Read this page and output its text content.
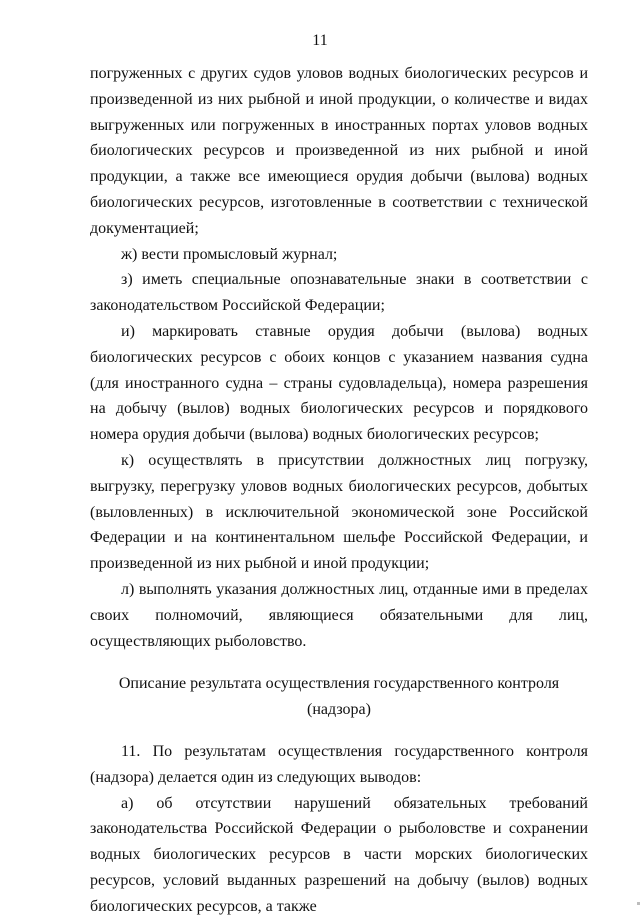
11

погруженных с других судов уловов водных биологических ресурсов и произведенной из них рыбной и иной продукции, о количестве и видах выгруженных или погруженных в иностранных портах уловов водных биологических ресурсов и произведенной из них рыбной и иной продукции, а также все имеющиеся орудия добычи (вылова) водных биологических ресурсов, изготовленные в соответствии с технической документацией;

ж) вести промысловый журнал;

з) иметь специальные опознавательные знаки в соответствии с законодательством Российской Федерации;

и) маркировать ставные орудия добычи (вылова) водных биологических ресурсов с обоих концов с указанием названия судна (для иностранного судна – страны судовладельца), номера разрешения на добычу (вылов) водных биологических ресурсов и порядкового номера орудия добычи (вылова) водных биологических ресурсов;

к) осуществлять в присутствии должностных лиц погрузку, выгрузку, перегрузку уловов водных биологических ресурсов, добытых (выловленных) в исключительной экономической зоне Российской Федерации и на континентальном шельфе Российской Федерации, и произведенной из них рыбной и иной продукции;

л) выполнять указания должностных лиц, отданные ими в пределах своих полномочий, являющиеся обязательными для лиц, осуществляющих рыболовство.

Описание результата осуществления государственного контроля (надзора)

11. По результатам осуществления государственного контроля (надзора) делается один из следующих выводов:

а) об отсутствии нарушений обязательных требований законодательства Российской Федерации о рыболовстве и сохранении водных биологических ресурсов в части морских биологических ресурсов, условий выданных разрешений на добычу (вылов) водных биологических ресурсов, а также
